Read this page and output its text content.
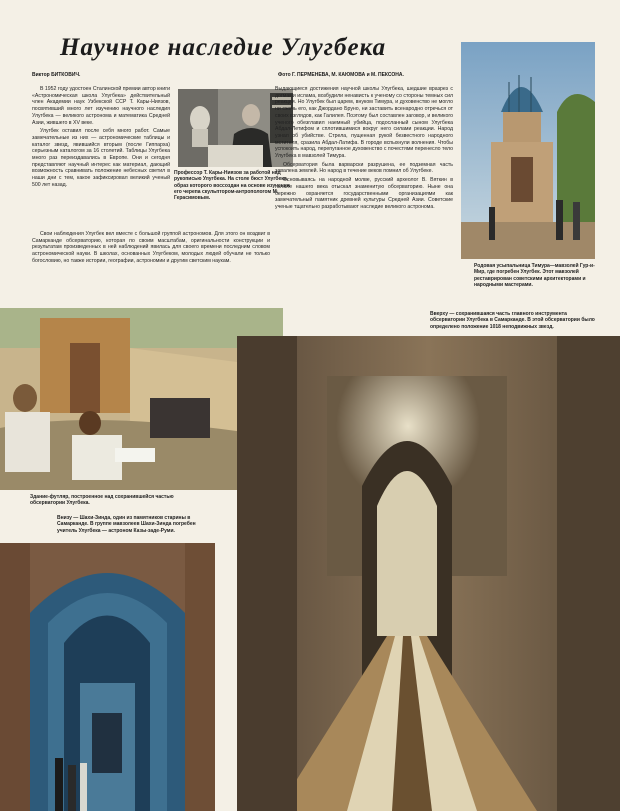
Научное наследие Улугбека
Виктор БИТКОВИЧ.	Фото Г. ПЕРМЕНЕВА, М. КАЮМОВА и М. ПЕКСОНА.

В 1952 году удостоен Сталинской премии автор книги «Астрономическая школа Улугбека» действительный член Академии наук Узбекской ССР Т. Кары-Ниязов, посвятивший много лет изучению научного наследия Улугбека — великого астронома и математика Средней Азии, жившего в XV веке.

Улугбек оставил после себя много работ. Самые замечательные из них — астрономические таблицы и каталог звезд, явившийся вторым (после Гиппарха) серьезным каталогом за 16 столетий. Таблицы Улугбека много раз переиздавались в Европе. Они и сегодня представляют научный интерес как материал, дающий возможность сравнивать положение небесных светил в наши дни с тем, какое зафиксировал великий ученый 500 лет назад.

Профессор Т. Кары-Ниязов за работой над рукописью Улугбека. На столе бюст Улугбека, образ которого воссоздан на основе изучения его черепа скульптором-антропологом М. Герасимовым.

Свои наблюдения Улугбек вел вместе с большой группой астрономов. Для этого он воздвиг в Самарканде обсерваторию, которая по своим масштабам, оригинальности конструкции и результатам произведенных в ней наблюдений явилась для своего времени последним словом астрономической науки. В школах, основанных Улугбеком, молодых людей обучали не только богословию, но также истории, географии, астрономии и другим светским наукам.

Выдающиеся достижения научной школы Улугбека, шедшие вразрез с догмами ислама, возбудили ненависть к ученому со стороны темных сил реакции. Но Улугбек был царем, внуком Тимура, и духовенство не могло ни сжечь его, как Джордано Бруно, ни заставить всенародно отречься от своих взглядов, как Галилея. Поэтому был составлен заговор, и великого ученого обезглавил наемный убийца, подосланный сыном Улугбека Абдал-Летифом и сплотившимися вокруг него силами реакции. Народ узнал об убийстве. Стрела, пущенная рукой безвестного народного мстителя, сразила Абдал-Латифа. В городе вспыхнули волнения. Чтобы успокоить народ, перепуганное духовенство с почестями перенесло тело Улугбека в мавзолей Тимура.

Обсерватория была варварски разрушена, ее подземная часть завалена землей. Но народ в течение веков помнил об Улугбеке.

Основываясь на народной молве, русский археолог В. Вяткин в начале нашего века отыскал знаменитую обсерваторию. Ныне она бережно охраняется государственными организациями как замечательный памятник древней культуры Средней Азии. Советские ученые тщательно разработывают наследие великого астронома.

Родовая усыпальница Тимура—мавзолей Гур-и-Мир, где погребен Улугбек. Этот мавзолей реставрирован советскими архитекторами и народными мастерами.
Здание-футляр, построенное над сохранившейся частью обсерватории Улугбека.
Вверху — сохранившаяся часть главного инструмента обсерватории Улугбека в Самарканде. В этой обсерватории было определено положение 1018 неподвижных звезд.
Внизу — Шахи-Зинда, один из памятников старины в Самарканде. В группе мавзолеев Шахи-Зинда погребен учитель Улугбека — астроном Казы-заде-Руми.
